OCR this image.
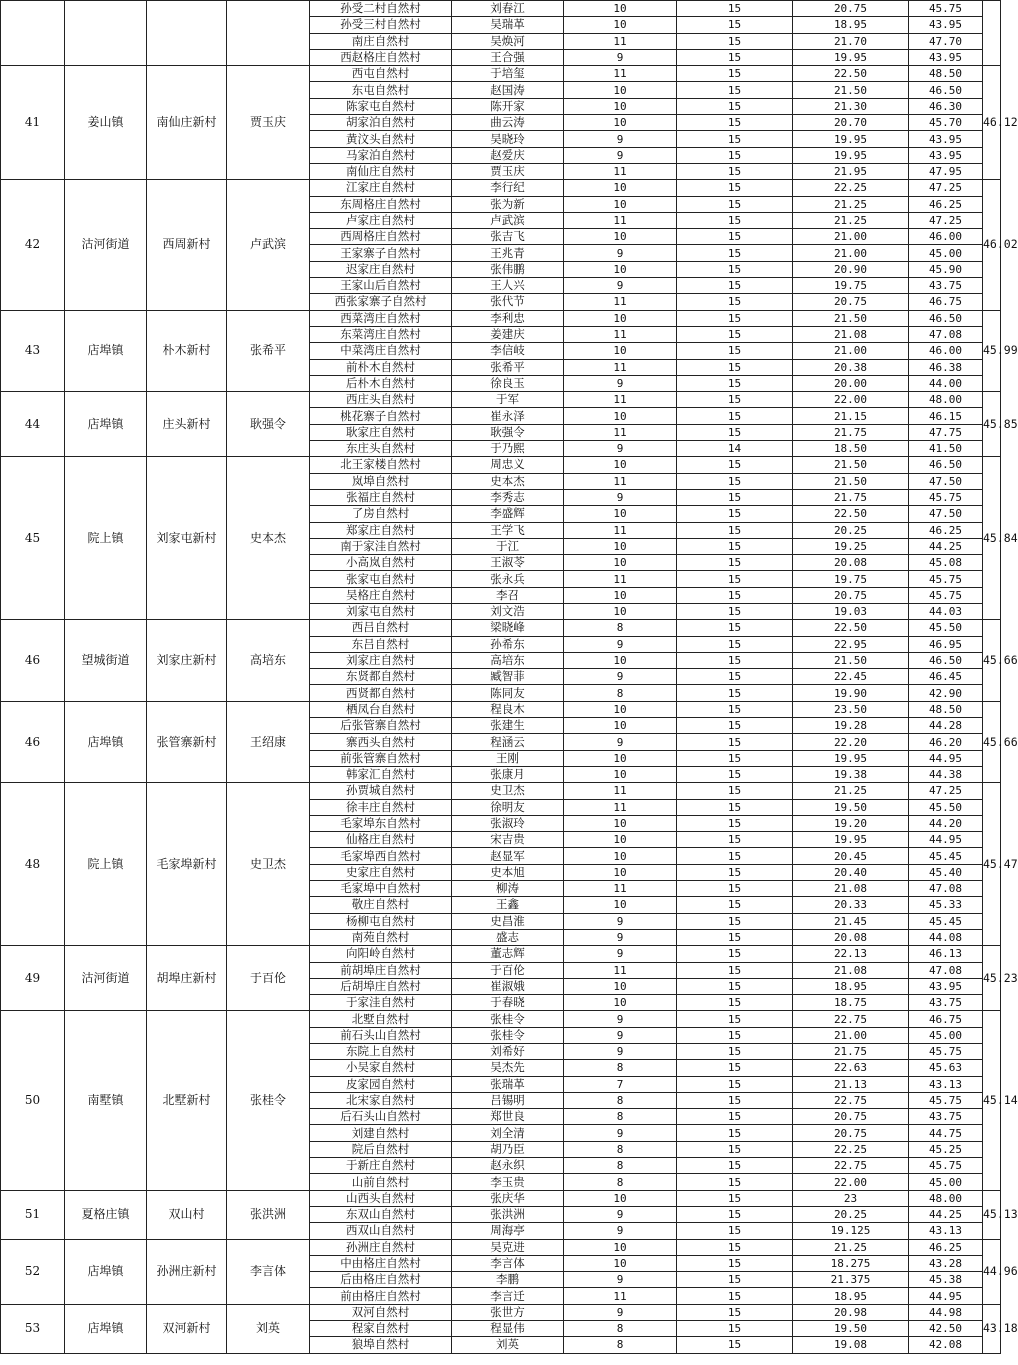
				孙受二村自然村	刘春江	10	15	20.75	45.75		
				孙受三村自然村	吴瑞革	10	15	18.95	43.95		
				南庄自然村	吴焕河	11	15	21.70	47.70		
				西赵格庄自然村	王合强	9	15	19.95	43.95		
41	姜山镇	南仙庄新村	贾玉庆	西屯自然村	于培玺	11	15	22.50	48.50	46.12	
				东屯自然村	赵国涛	10	15	21.50	46.50		
				陈家屯自然村	陈开家	10	15	21.30	46.30		
				胡家泊自然村	曲云涛	10	15	20.70	45.70		
				黄汶头自然村	吴晓玲	9	15	19.95	43.95		
				马家泊自然村	赵爱庆	9	15	19.95	43.95		
				南仙庄自然村	贾玉庆	11	15	21.95	47.95		
42	沽河街道	西周新村	卢武滨	江家庄自然村	李行纪	10	15	22.25	47.25	46.02	
				东周格庄自然村	张为新	10	15	21.25	46.25		
				卢家庄自然村	卢武滨	11	15	21.25	47.25		
				西周格庄自然村	张吉飞	10	15	21.00	46.00		
				王家寨子自然村	王兆青	9	15	21.00	45.00		
				迟家庄自然村	张伟鹏	10	15	20.90	45.90		
				王家山后自然村	王人兴	9	15	19.75	43.75		
				西张家寨子自然村	张代节	11	15	20.75	46.75		
43	店埠镇	朴木新村	张希平	西菜湾庄自然村	李利忠	10	15	21.50	46.50	45.99	
				东菜湾庄自然村	姜建庆	11	15	21.08	47.08		
				中菜湾庄自然村	李信岐	10	15	21.00	46.00		
				前朴木自然村	张希平	11	15	20.38	46.38		
				后朴木自然村	徐良玉	9	15	20.00	44.00		
44	店埠镇	庄头新村	耿强令	西庄头自然村	于军	11	15	22.00	48.00	45.85	
				桃花寨子自然村	崔永泽	10	15	21.15	46.15		
				耿家庄自然村	耿强令	11	15	21.75	47.75		
				东庄头自然村	于乃熙	9	14	18.50	41.50		
45	院上镇	刘家屯新村	史本杰	北王家楼自然村	周忠义	10	15	21.50	46.50	45.84	
				岚埠自然村	史本杰	11	15	21.50	47.50		
				张福庄自然村	李秀志	9	15	21.75	45.75		
				了房自然村	李盛辉	10	15	22.50	47.50		
				郑家庄自然村	王学飞	11	15	20.25	46.25		
				南于家洼自然村	于江	10	15	19.25	44.25		
				小高岚自然村	王淑苓	10	15	20.08	45.08		
				张家屯自然村	张永兵	11	15	19.75	45.75		
				吴格庄自然村	李召	10	15	20.75	45.75		
				刘家屯自然村	刘文浩	10	15	19.03	44.03		
46	望城街道	刘家庄新村	高培东	西吕自然村	梁晓峰	8	15	22.50	45.50	45.66	
				东吕自然村	孙希东	9	15	22.95	46.95		
				刘家庄自然村	高培东	10	15	21.50	46.50		
				东贤都自然村	臧智菲	9	15	22.45	46.45		
				西贤都自然村	陈同友	8	15	19.90	42.90		
46	店埠镇	张管寨新村	王绍康	栖凤台自然村	程良木	10	15	23.50	48.50	45.66	
				后张管寨自然村	张建生	10	15	19.28	44.28		
				寨西头自然村	程涵云	9	15	22.20	46.20		
				前张管寨自然村	王刚	10	15	19.95	44.95		
				韩家汇自然村	张康月	10	15	19.38	44.38		
48	院上镇	毛家埠新村	史卫杰	孙贾城自然村	史卫杰	11	15	21.25	47.25	45.47	
				徐丰庄自然村	徐明友	11	15	19.50	45.50		
				毛家埠东自然村	张淑玲	10	15	19.20	44.20		
				仙格庄自然村	宋吉贵	10	15	19.95	44.95		
				毛家埠西自然村	赵显军	10	15	20.45	45.45		
				史家庄自然村	史本旭	10	15	20.40	45.40		
				毛家埠中自然村	柳涛	11	15	21.08	47.08		
				敬庄自然村	王鑫	10	15	20.33	45.33		
				杨柳屯自然村	史昌淮	9	15	21.45	45.45		
				南苑自然村	盛志	9	15	20.08	44.08		
49	沽河街道	胡埠庄新村	于百伦	向阳岭自然村	董志辉	9	15	22.13	46.13	45.23	
				前胡埠庄自然村	于百伦	11	15	21.08	47.08		
				后胡埠庄自然村	崔淑娥	10	15	18.95	43.95		
				于家洼自然村	于春晓	10	15	18.75	43.75		
50	南墅镇	北墅新村	张桂令	北墅自然村	张桂令	9	15	22.75	46.75	45.14	
				前石头山自然村	张桂令	9	15	21.00	45.00		
				东院上自然村	刘希好	9	15	21.75	45.75		
				小吴家自然村	吴杰先	8	15	22.63	45.63		
				皮家园自然村	张瑞革	7	15	21.13	43.13		
				北宋家自然村	吕锡明	8	15	22.75	45.75		
				后石头山自然村	郑世良	8	15	20.75	43.75		
				刘建自然村	刘全清	9	15	20.75	44.75		
				院后自然村	胡乃臣	8	15	22.25	45.25		
				于新庄自然村	赵永织	8	15	22.75	45.75		
				山前自然村	李玉贵	8	15	22.00	45.00		
51	夏格庄镇	双山村	张洪洲	山西头自然村	张庆华	10	15	23	48.00	45.13	
				东双山自然村	张洪洲	9	15	20.25	44.25		
				西双山自然村	周海亭	9	15	19.125	43.13		
52	店埠镇	孙洲庄新村	李言体	孙洲庄自然村	吴克进	10	15	21.25	46.25	44.96	
				中由格庄自然村	李言体	10	15	18.275	43.28		
				后由格庄自然村	李鹏	9	15	21.375	45.38		
				前由格庄自然村	李言迁	11	15	18.95	44.95		
53	店埠镇	双河新村	刘英	双河自然村	张世方	9	15	20.98	44.98	43.18	
				程家自然村	程显伟	8	15	19.50	42.50		
				狼埠自然村	刘英	8	15	19.08	42.08		
